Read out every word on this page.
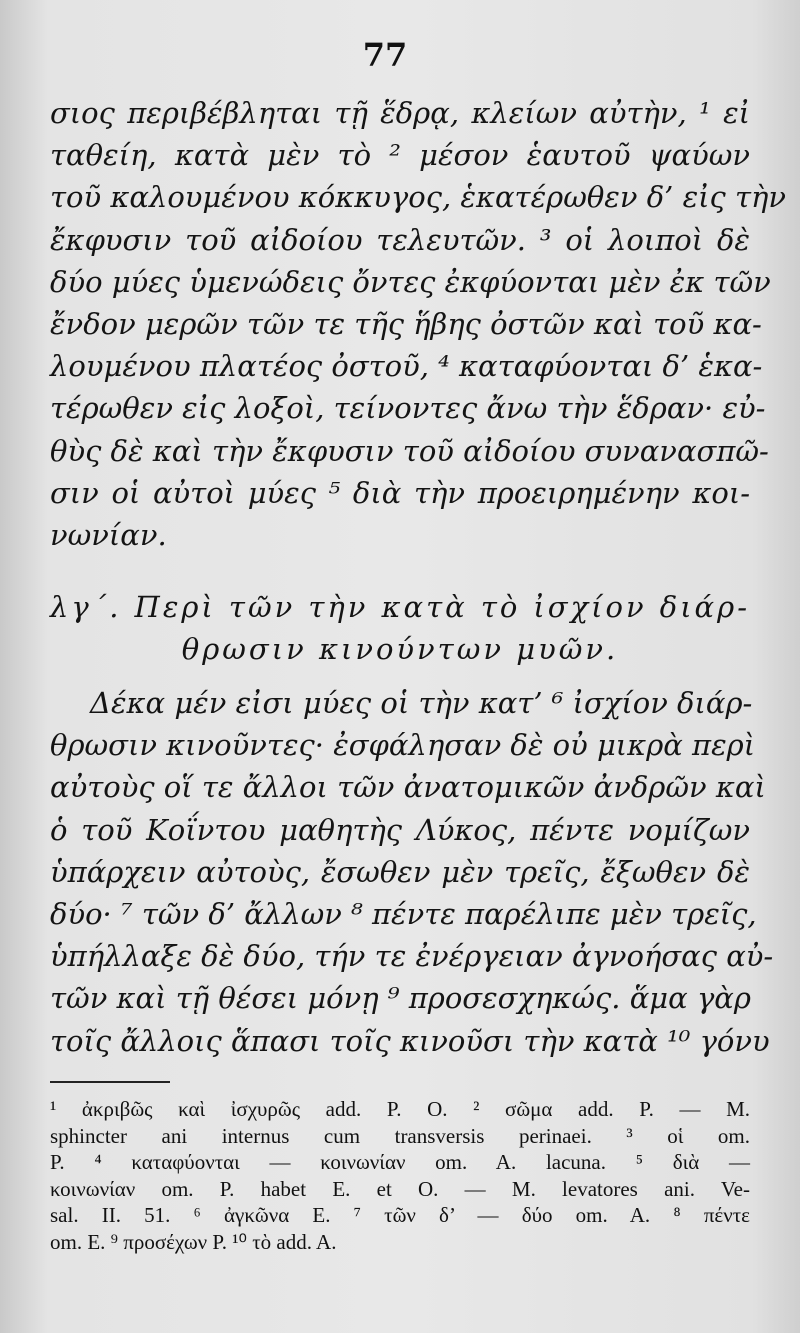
77
σιος περιβέβληται τῇ ἕδρᾳ, κλείων αὐτὴν, ¹ εἰ
ταθείη, κατὰ μὲν τὸ ² μέσον ἑαυτοῦ ψαύων
τοῦ καλουμένου κόκκυγος, ἑκατέρωθεν δ’ εἰς τὴν
ἔκφυσιν τοῦ αἰδοίου τελευτῶν. ³ οἱ λοιποὶ δὲ
δύο μύες ὑμενώδεις ὄντες ἐκφύονται μὲν ἐκ τῶν
ἔνδον μερῶν τῶν τε τῆς ἥβης ὀστῶν καὶ τοῦ κα-
λουμένου πλατέος ὀστοῦ, ⁴ καταφύονται δ’ ἑκα-
τέρωθεν εἰς λοξοὶ, τείνοντες ἄνω τὴν ἕδραν· εὐ-
θὺς δὲ καὶ τὴν ἔκφυσιν τοῦ αἰδοίου συνανασπῶ-
σιν οἱ αὐτοὶ μύες ⁵ διὰ τὴν προειρημένην κοι-
νωνίαν.
λγ΄. Περὶ τῶν τὴν κατὰ τὸ ἰσχίον διάρ-
θρωσιν κινούντων μυῶν.
Δέκα μέν εἰσι μύες οἱ τὴν κατ’ ⁶ ἰσχίον διάρ-
θρωσιν κινοῦντες· ἐσφάλησαν δὲ οὐ μικρὰ περὶ
αὐτοὺς οἵ τε ἄλλοι τῶν ἀνατομικῶν ἀνδρῶν καὶ
ὁ τοῦ Κοΐντου μαθητὴς Λύκος, πέντε νομίζων
ὑπάρχειν αὐτοὺς, ἔσωθεν μὲν τρεῖς, ἔξωθεν δὲ
δύο· ⁷ τῶν δ’ ἄλλων ⁸ πέντε παρέλιπε μὲν τρεῖς,
ὑπήλλαξε δὲ δύο, τήν τε ἐνέργειαν ἀγνοήσας αὐ-
τῶν καὶ τῇ θέσει μόνῃ ⁹ προσεσχηκώς. ἅμα γὰρ
τοῖς ἄλλοις ἅπασι τοῖς κινοῦσι τὴν κατὰ ¹⁰ γόνυ
¹ ἀκριβῶς καὶ ἰσχυρῶς add. P. O. ² σῶμα add. P. — M.
sphincter ani internus cum transversis perinaei. ³ οἱ om.
P. ⁴ καταφύονται — κοινωνίαν om. A. lacuna. ⁵ διὰ —
κοινωνίαν om. P. habet E. et O. — M. levatores ani. Ve-
sal. II. 51. ⁶ ἀγκῶνα E. ⁷ τῶν δ’ — δύο om. A. ⁸ πέντε
om. E. ⁹ προσέχων P. ¹⁰ τὸ add. A.
